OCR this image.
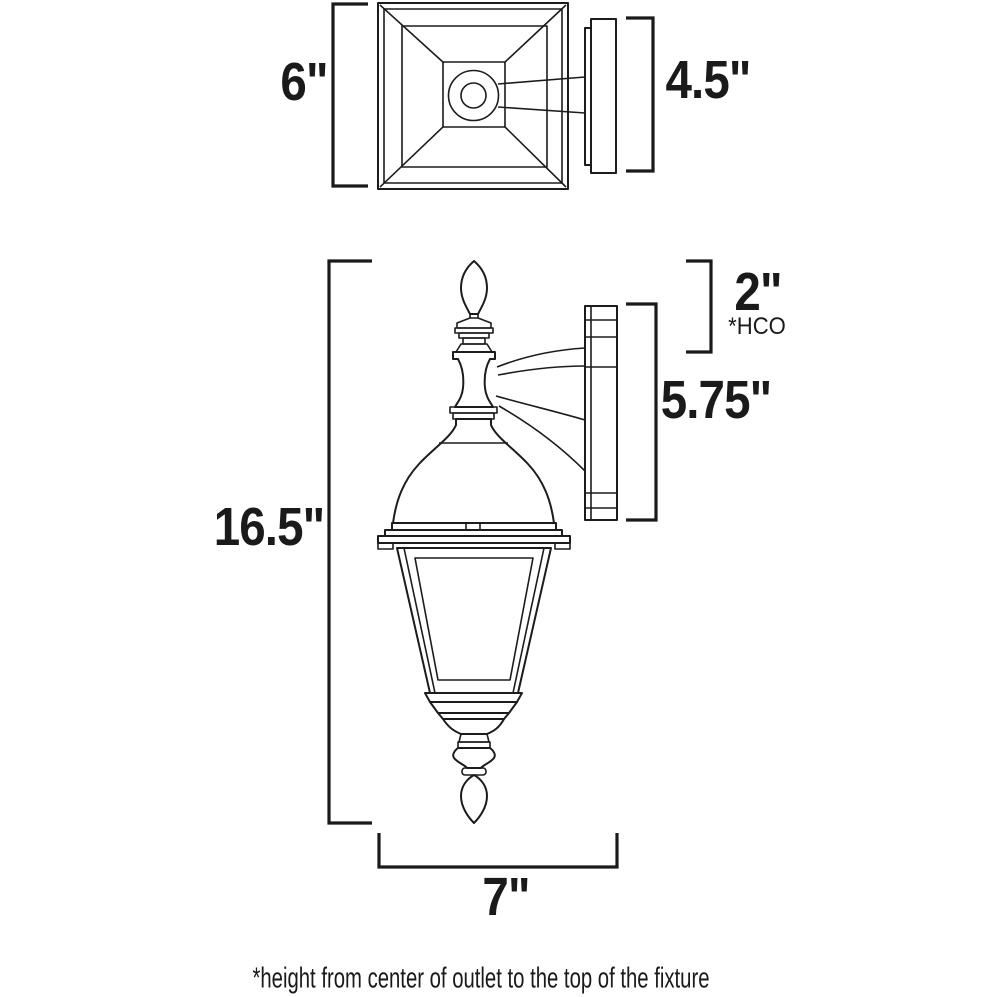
6"	4.5"
2"
*HCO
5.75"
16.5"
7"
*height from center of outlet to the top of the fixture
